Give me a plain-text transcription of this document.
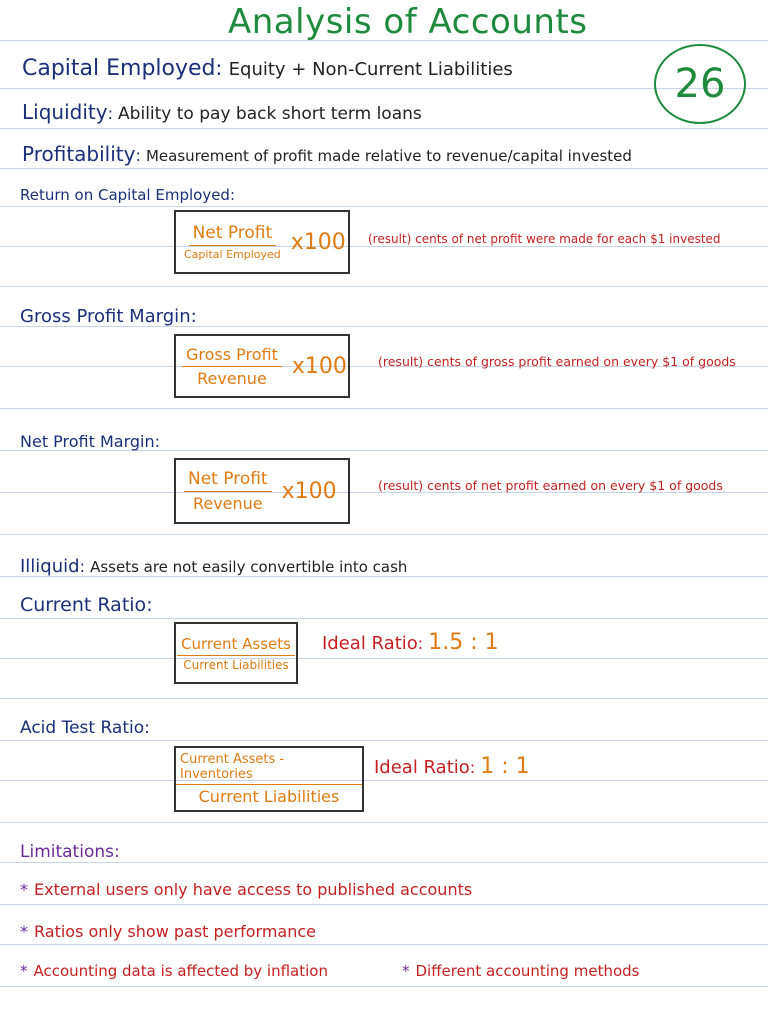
Analysis of Accounts
26
Capital Employed: Equity + Non-Current Liabilities
Liquidity: Ability to pay back short term loans
Profitability: Measurement of profit made relative to revenue/capital invested
Return on Capital Employed:
$\frac{\text{Net Profit}}{\text{Capital Employed}} x100$ (result) cents of net profit were made for each $1 invested
Gross Profit Margin:
$\frac{\text{Gross Profit}}{\text{Revenue}} x100$ (result) cents of gross profit earned on every $1 of goods
Net Profit Margin:
$\frac{\text{Net Profit}}{\text{Revenue}} x100$	(result) cents of net profit earned on every $1 of goods
Illiquid: Assets are not easily convertible into cash
Current Ratio:
$\frac{\text{Current Assets}}{\text{Current Liabilities}}$ Ideal Ratio: 1.5 : 1
Acid Test Ratio:
$\frac{\text{Current Assets - Inventories}}{\text{Current Liabilities}}$ Ideal Ratio: 1 : 1
Limitations:
* External users only have access to published accounts
* Ratios only show past performance
* Accounting data is affected by inflation	* Different accounting methods
